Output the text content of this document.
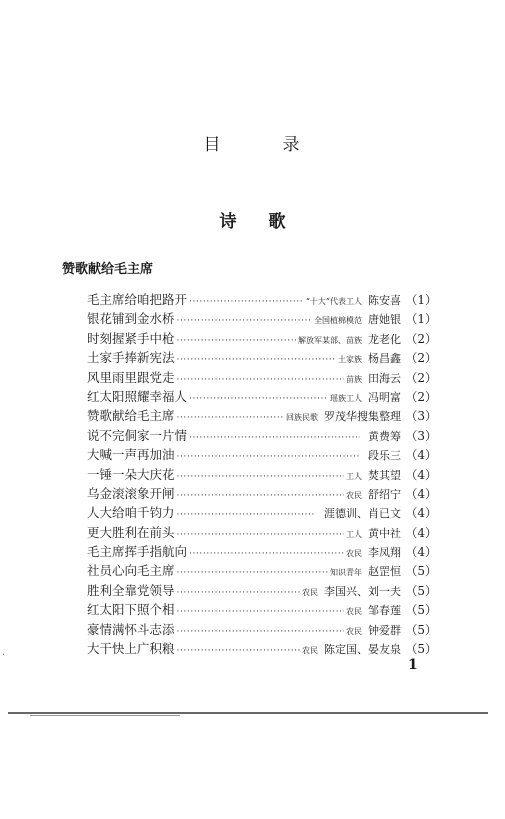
目	录
诗 歌
赞歌献给毛主席
毛主席给咱把路开 ·····	“十大”代表工人 陈安喜 （1）
银花铺到金水桥 ·····	全国植棉模范 唐她银 （1）
时刻握紧手中枪 ·····	解放军某部、苗族 龙老化 （2）
土家手捧新宪法 ·····	土家族 杨昌鑫 （2）
风里雨里跟党走 ·····	苗族 田海云 （2）
红太阳照耀幸福人 ·····	瑶族工人 冯明富 （2）
赞歌献给毛主席 ·····	回族民歌 罗茂华搜集整理 （3）
说不完侗家一片情 ·····	黄费筹 （3）
大喊一声再加油 ·····	段乐三 （4）
一锤一朵大庆花 ·····	工人 焚其望 （4）
乌金滚滚象开闸 ·····	农民 舒绍宁 （4）
人大给咱千钧力 ·····	涯德训、肖已文 （4）
更大胜利在前头 ·····	工人 黄中社 （4）
毛主席挥手指航向 ·····	农民 李凤翔 （4）
社员心向毛主席 ·····	知识青年 赵罡恒 （5）
胜利全靠党领导 ·····	农民 李国兴、刘一夫 （5）
红太阳下照个相 ·····	农民 邹春莲 （5）
豪情满怀斗志添 ·····	农民 钟爱群 （5）
大干快上广积粮 ·····	农民 陈定国、晏友泉 （5）
·
1
